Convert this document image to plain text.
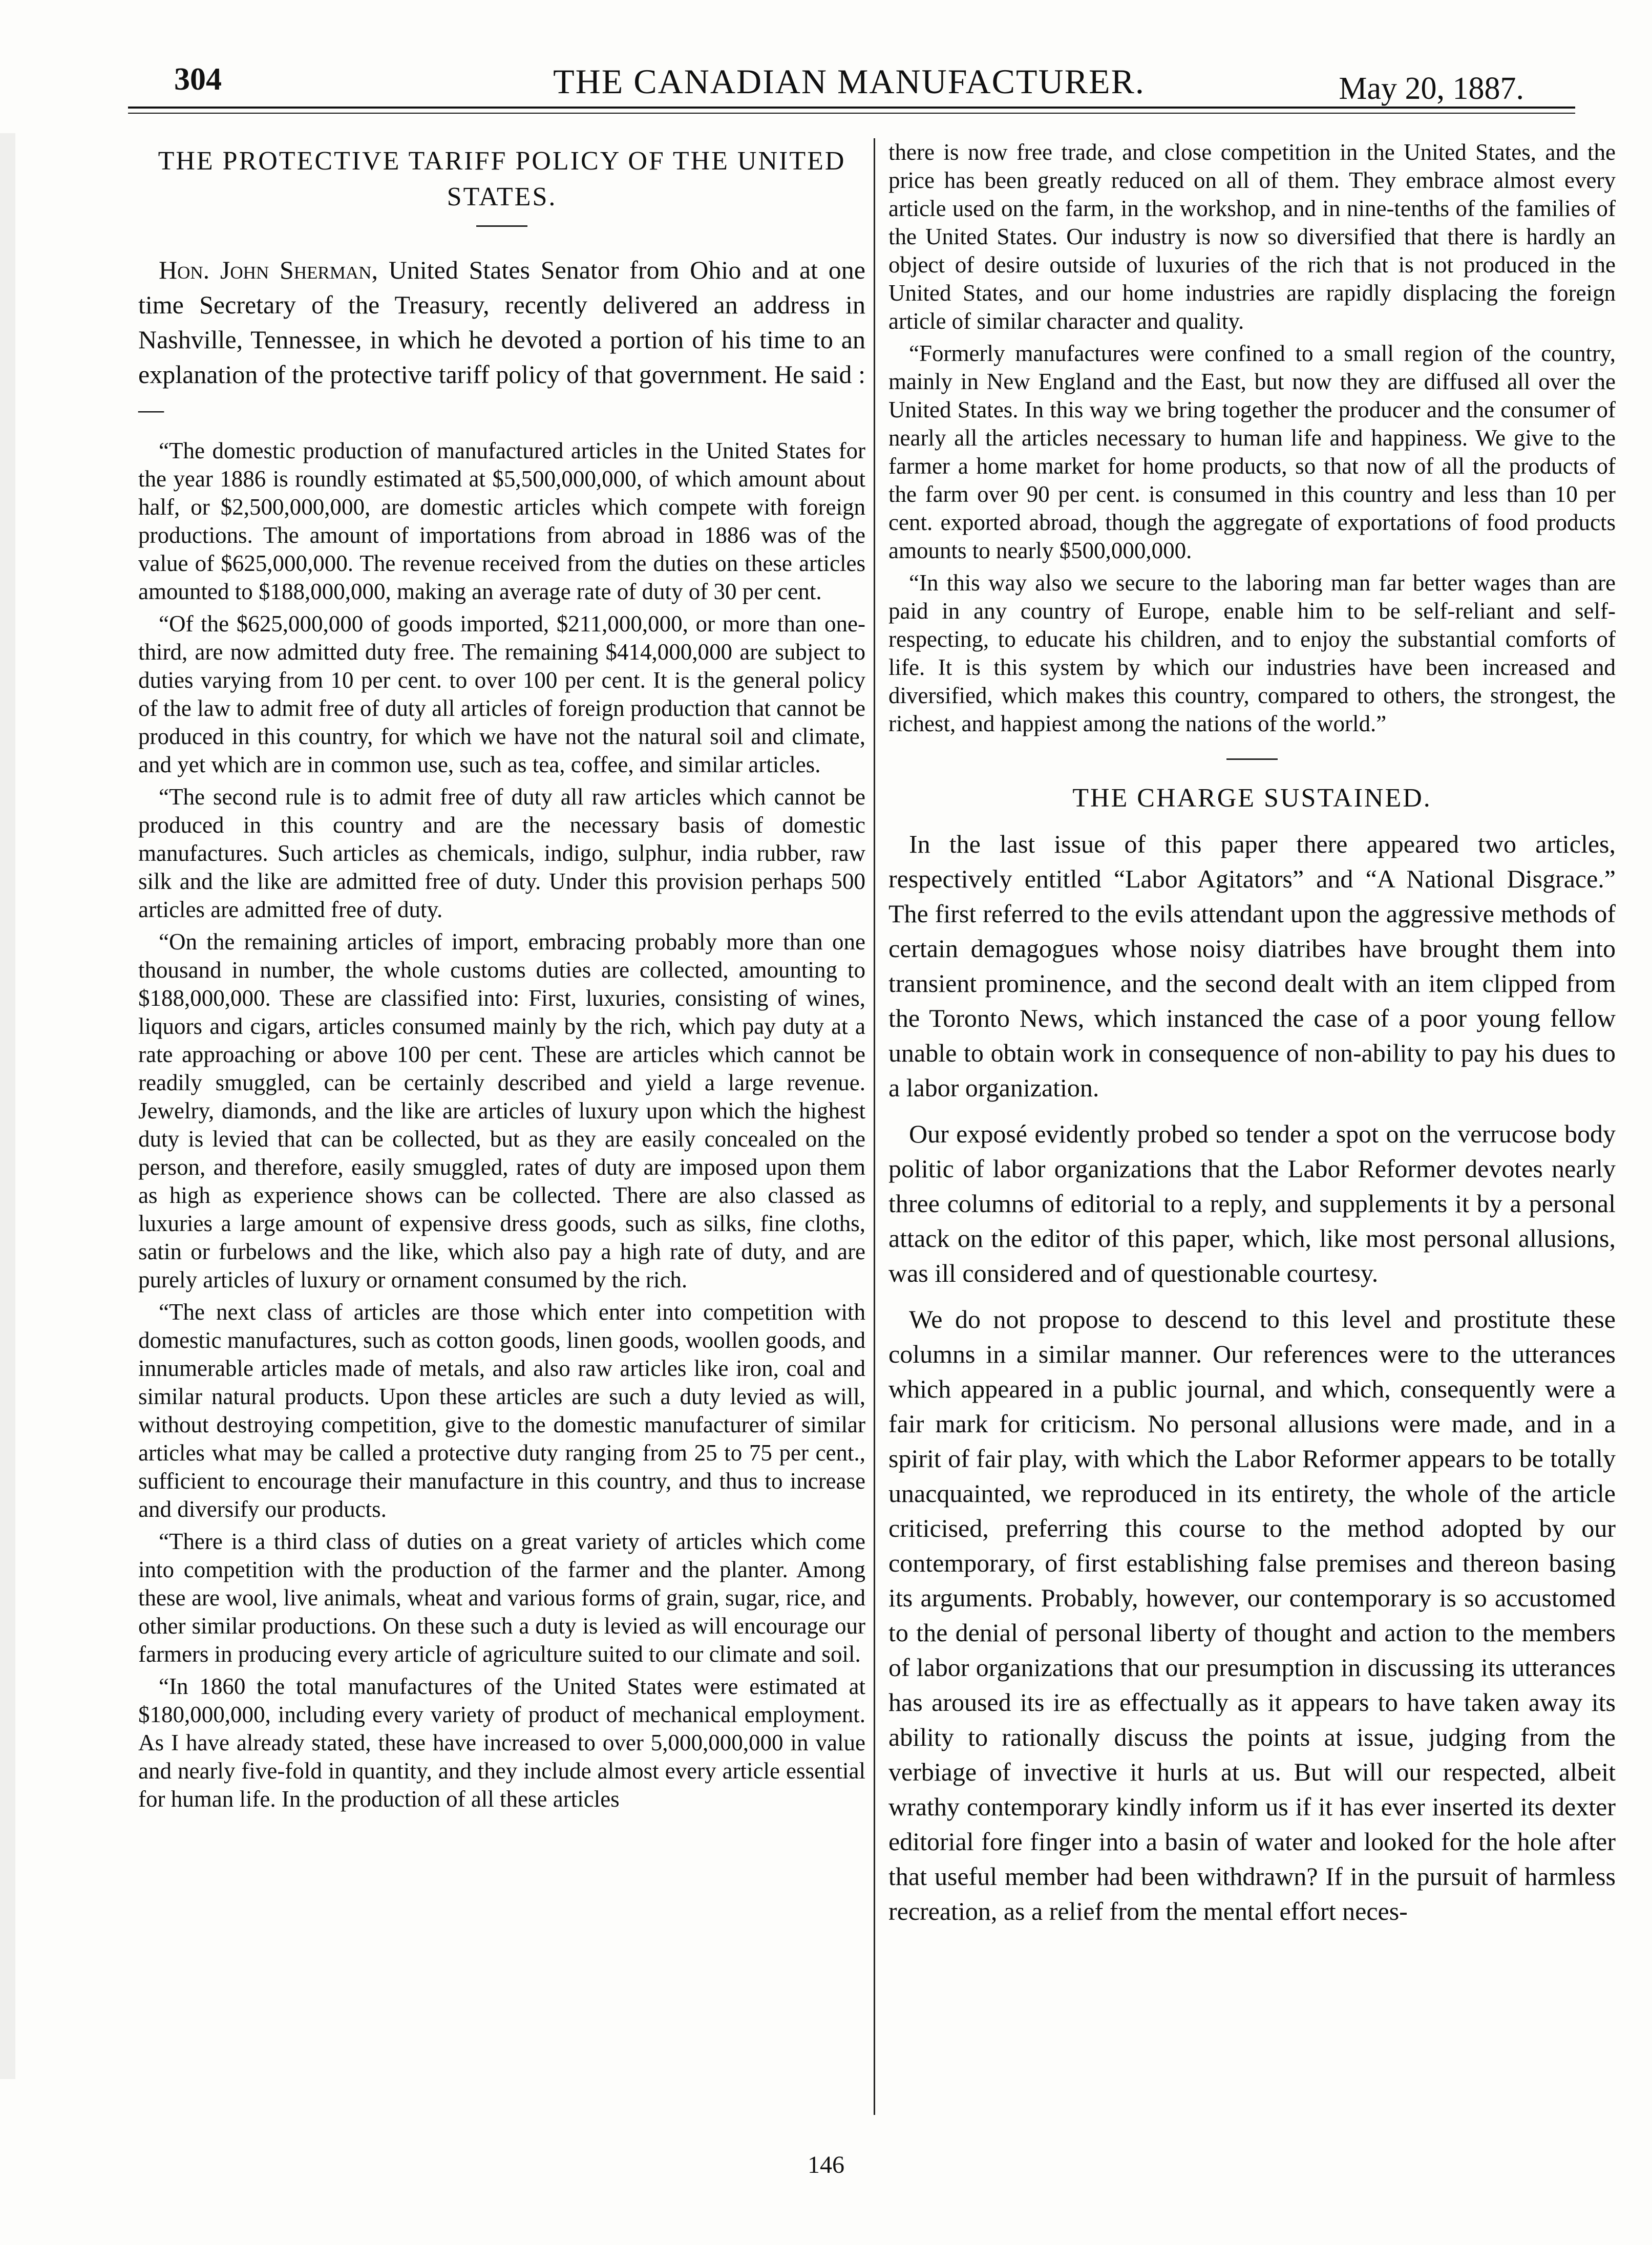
304	THE CANADIAN MANUFACTURER.	May 20, 1887.
THE PROTECTIVE TARIFF POLICY OF THE UNITED STATES.

Hon. John Sherman, United States Senator from Ohio and at one time Secretary of the Treasury, recently delivered an address in Nashville, Tennessee, in which he devoted a portion of his time to an explanation of the protective tariff policy of that government. He said :—

“The domestic production of manufactured articles in the United States for the year 1886 is roundly estimated at $5,500,000,000, of which amount about half, or $2,500,000,000, are domestic articles which compete with foreign productions. The amount of importations from abroad in 1886 was of the value of $625,000,000. The revenue received from the duties on these articles amounted to $188,000,000, making an average rate of duty of 30 per cent.

“Of the $625,000,000 of goods imported, $211,000,000, or more than one-third, are now admitted duty free. The remaining $414,000,000 are subject to duties varying from 10 per cent. to over 100 per cent. It is the general policy of the law to admit free of duty all articles of foreign production that cannot be produced in this country, for which we have not the natural soil and climate, and yet which are in common use, such as tea, coffee, and similar articles.

“The second rule is to admit free of duty all raw articles which cannot be produced in this country and are the necessary basis of domestic manufactures. Such articles as chemicals, indigo, sulphur, india rubber, raw silk and the like are admitted free of duty. Under this provision perhaps 500 articles are admitted free of duty.

“On the remaining articles of import, embracing probably more than one thousand in number, the whole customs duties are collected, amounting to $188,000,000. These are classified into: First, luxuries, consisting of wines, liquors and cigars, articles consumed mainly by the rich, which pay duty at a rate approaching or above 100 per cent. These are articles which cannot be readily smuggled, can be certainly described and yield a large revenue. Jewelry, diamonds, and the like are articles of luxury upon which the highest duty is levied that can be collected, but as they are easily concealed on the person, and therefore, easily smuggled, rates of duty are imposed upon them as high as experience shows can be collected. There are also classed as luxuries a large amount of expensive dress goods, such as silks, fine cloths, satin or furbelows and the like, which also pay a high rate of duty, and are purely articles of luxury or ornament consumed by the rich.

“The next class of articles are those which enter into competition with domestic manufactures, such as cotton goods, linen goods, woollen goods, and innumerable articles made of metals, and also raw articles like iron, coal and similar natural products. Upon these articles are such a duty levied as will, without destroying competition, give to the domestic manufacturer of similar articles what may be called a protective duty ranging from 25 to 75 per cent., sufficient to encourage their manufacture in this country, and thus to increase and diversify our products.

“There is a third class of duties on a great variety of articles which come into competition with the production of the farmer and the planter. Among these are wool, live animals, wheat and various forms of grain, sugar, rice, and other similar productions. On these such a duty is levied as will encourage our farmers in producing every article of agriculture suited to our climate and soil.

“In 1860 the total manufactures of the United States were estimated at $180,000,000, including every variety of product of mechanical employment. As I have already stated, these have increased to over 5,000,000,000 in value and nearly five-fold in quantity, and they include almost every article essential for human life. In the production of all these articles

there is now free trade, and close competition in the United States, and the price has been greatly reduced on all of them. They embrace almost every article used on the farm, in the workshop, and in nine-tenths of the families of the United States. Our industry is now so diversified that there is hardly an object of desire outside of luxuries of the rich that is not produced in the United States, and our home industries are rapidly displacing the foreign article of similar character and quality.

“Formerly manufactures were confined to a small region of the country, mainly in New England and the East, but now they are diffused all over the United States. In this way we bring together the producer and the consumer of nearly all the articles necessary to human life and happiness. We give to the farmer a home market for home products, so that now of all the products of the farm over 90 per cent. is consumed in this country and less than 10 per cent. exported abroad, though the aggregate of exportations of food products amounts to nearly $500,000,000.

“In this way also we secure to the laboring man far better wages than are paid in any country of Europe, enable him to be self-reliant and self-respecting, to educate his children, and to enjoy the substantial comforts of life. It is this system by which our industries have been increased and diversified, which makes this country, compared to others, the strongest, the richest, and happiest among the nations of the world.”

THE CHARGE SUSTAINED.

In the last issue of this paper there appeared two articles, respectively entitled “Labor Agitators” and “A National Disgrace.” The first referred to the evils attendant upon the aggressive methods of certain demagogues whose noisy diatribes have brought them into transient prominence, and the second dealt with an item clipped from the Toronto News, which instanced the case of a poor young fellow unable to obtain work in consequence of non-ability to pay his dues to a labor organization.

Our exposé evidently probed so tender a spot on the verrucose body politic of labor organizations that the Labor Reformer devotes nearly three columns of editorial to a reply, and supplements it by a personal attack on the editor of this paper, which, like most personal allusions, was ill considered and of questionable courtesy.

We do not propose to descend to this level and prostitute these columns in a similar manner. Our references were to the utterances which appeared in a public journal, and which, consequently were a fair mark for criticism. No personal allusions were made, and in a spirit of fair play, with which the Labor Reformer appears to be totally unacquainted, we reproduced in its entirety, the whole of the article criticised, preferring this course to the method adopted by our contemporary, of first establishing false premises and thereon basing its arguments. Probably, however, our contemporary is so accustomed to the denial of personal liberty of thought and action to the members of labor organizations that our presumption in discussing its utterances has aroused its ire as effectually as it appears to have taken away its ability to rationally discuss the points at issue, judging from the verbiage of invective it hurls at us. But will our respected, albeit wrathy contemporary kindly inform us if it has ever inserted its dexter editorial fore finger into a basin of water and looked for the hole after that useful member had been withdrawn? If in the pursuit of harmless recreation, as a relief from the mental effort neces-

146
